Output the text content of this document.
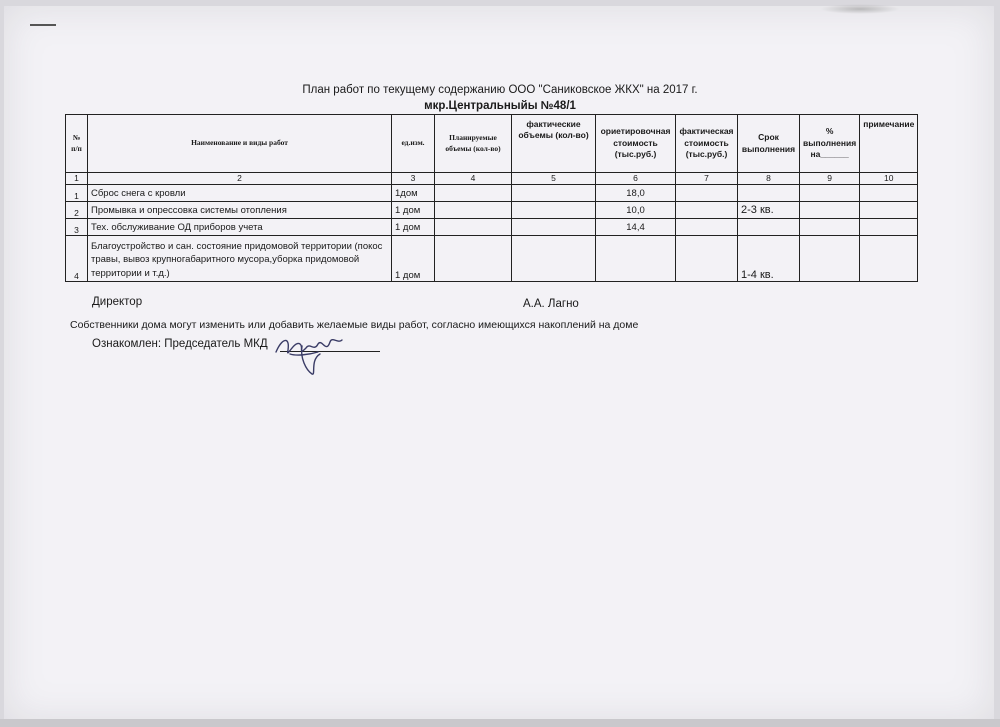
План работ по текущему содержанию ООО "Саниковское ЖКХ" на 2017 г.
мкр.Центральныйы №48/1
№ п/п	Наименование и виды работ	ед.изм.	Планируемые объемы (кол-во)	фактические объемы (кол-во)	ориетировочная стоимость (тыс.руб.)	фактическая стоимость (тыс.руб.)	Срок выполнения	% выполнения на______	примечание
1	2	3	4	5	6	7	8	9	10
1	Сброс снега с кровли	1дом			18,0				
2	Промывка и опрессовка системы отопления	1 дом			10,0		2-3 кв.		
3	Тех. обслуживание ОД приборов учета	1 дом			14,4				
4	Благоустройство и сан. состояние придомовой территории (покос травы, вывоз крупногабаритного мусора,уборка придомовой территории и т.д.)	1 дом					1-4 кв.		
Директор	А.А. Лагно
Собственники дома могут изменить или добавить желаемые виды работ, согласно имеющихся накоплений на доме
Ознакомлен: Председатель МКД
